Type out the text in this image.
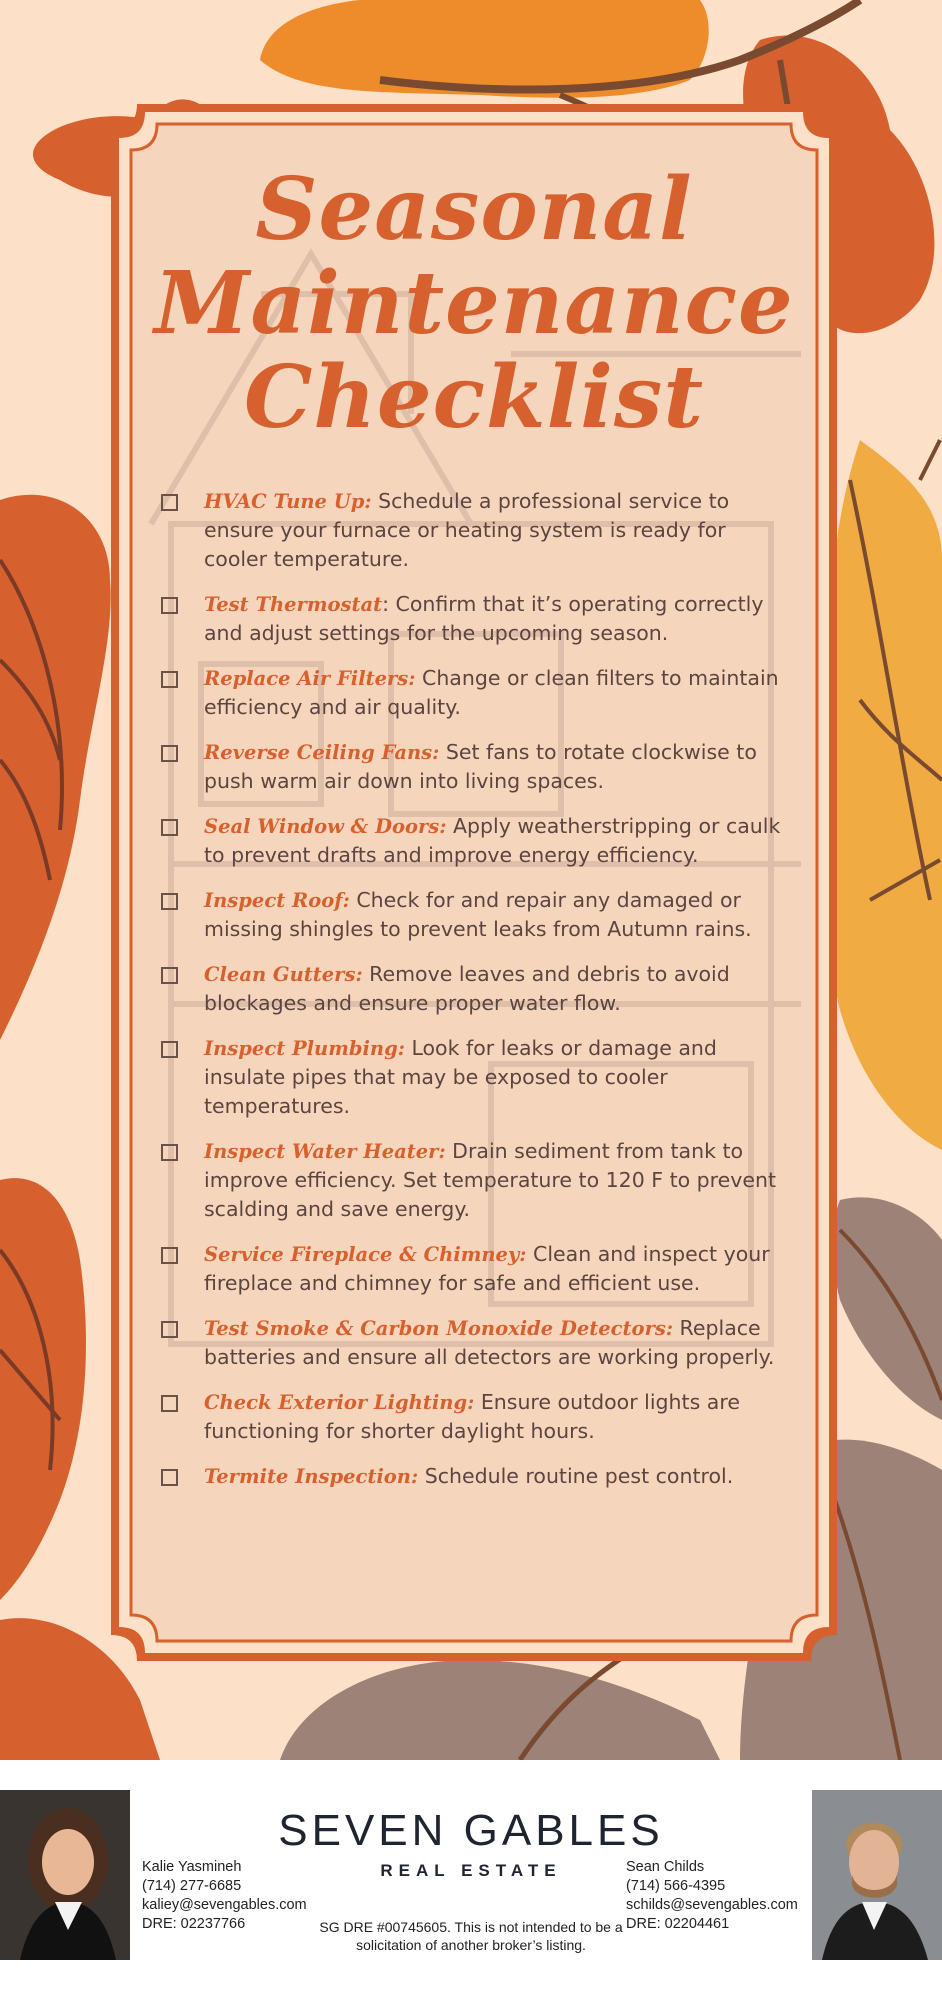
Seasonal
Maintenance
Checklist
HVAC Tune Up: Schedule a professional service to ensure your furnace or heating system is ready for cooler temperature.
Test Thermostat: Confirm that it’s operating correctly and adjust settings for the upcoming season.
Replace Air Filters: Change or clean filters to maintain efficiency and air quality.
Reverse Ceiling Fans: Set fans to rotate clockwise to push warm air down into living spaces.
Seal Window & Doors: Apply weatherstripping or caulk to prevent drafts and improve energy efficiency.
Inspect Roof: Check for and repair any damaged or missing shingles to prevent leaks from Autumn rains.
Clean Gutters: Remove leaves and debris to avoid blockages and ensure proper water flow.
Inspect Plumbing: Look for leaks or damage and insulate pipes that may be exposed to cooler temperatures.
Inspect Water Heater: Drain sediment from tank to improve efficiency. Set temperature to 120 F to prevent scalding and save energy.
Service Fireplace & Chimney: Clean and inspect your fireplace and chimney for safe and efficient use.
Test Smoke & Carbon Monoxide Detectors: Replace batteries and ensure all detectors are working properly.
Check Exterior Lighting: Ensure outdoor lights are functioning for shorter daylight hours.
Termite Inspection: Schedule routine pest control.
Kalie Yasmineh
(714) 277-6685
kaliey@sevengables.com
DRE: 02237766
SEVEN GABLES
REAL ESTATE
SG DRE #00745605. This is not intended to be a solicitation of another broker’s listing.
Sean Childs
(714) 566-4395
schilds@sevengables.com
DRE: 02204461
